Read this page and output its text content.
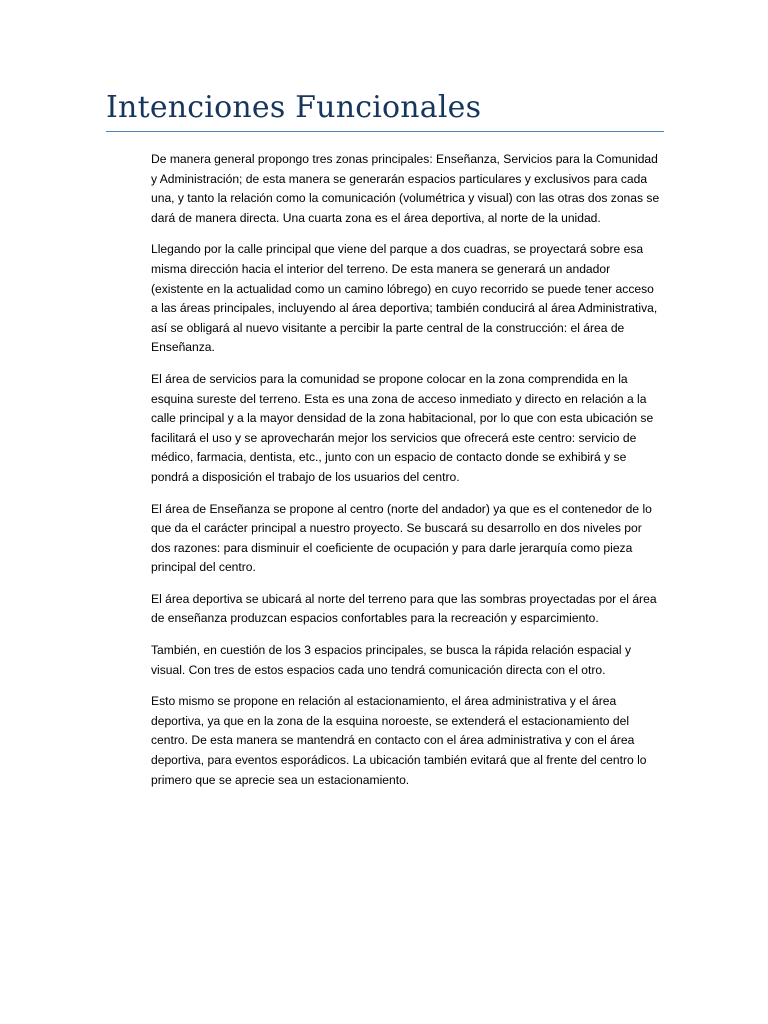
Intenciones Funcionales

De manera general propongo tres zonas principales: Enseñanza, Servicios para la Comunidad y Administración; de esta manera se generarán espacios particulares y exclusivos para cada una, y tanto la relación como la comunicación (volumétrica y visual) con las otras dos zonas se dará de manera directa. Una cuarta zona es el área deportiva, al norte de la unidad.

Llegando por la calle principal que viene del parque a dos cuadras, se proyectará sobre esa misma dirección hacia el interior del terreno. De esta manera se generará un andador (existente en la actualidad como un camino lóbrego) en cuyo recorrido se puede tener acceso a las áreas principales, incluyendo al área deportiva; también conducirá al área Administrativa, así se obligará al nuevo visitante a percibir la parte central de la construcción: el área de Enseñanza.

El área de servicios para la comunidad se propone colocar en la zona comprendida en la esquina sureste del terreno. Esta es una zona de acceso inmediato y directo en relación a la calle principal y a la mayor densidad de la zona habitacional, por lo que con esta ubicación se facilitará el uso y se aprovecharán mejor los servicios que ofrecerá este centro: servicio de médico, farmacia, dentista, etc., junto con un espacio de contacto donde se exhibirá y se pondrá a disposición el trabajo de los usuarios del centro.

El área de Enseñanza se propone al centro (norte del andador) ya que es el contenedor de lo que da el carácter principal a nuestro proyecto. Se buscará su desarrollo en dos niveles por dos razones: para disminuir el coeficiente de ocupación y para darle jerarquía como pieza principal del centro.

El área deportiva se ubicará al norte del terreno para que las sombras proyectadas por el área de enseñanza produzcan espacios confortables para la recreación y esparcimiento.

También, en cuestión de los 3 espacios principales, se busca la rápida relación espacial y visual. Con tres de estos espacios cada uno tendrá comunicación directa con el otro.

Esto mismo se propone en relación al estacionamiento, el área administrativa y el área deportiva, ya que en la zona de la esquina noroeste, se extenderá el estacionamiento del centro. De esta manera se mantendrá en contacto con el área administrativa y con el área deportiva, para eventos esporádicos. La ubicación también evitará que al frente del centro lo primero que se aprecie sea un estacionamiento.
